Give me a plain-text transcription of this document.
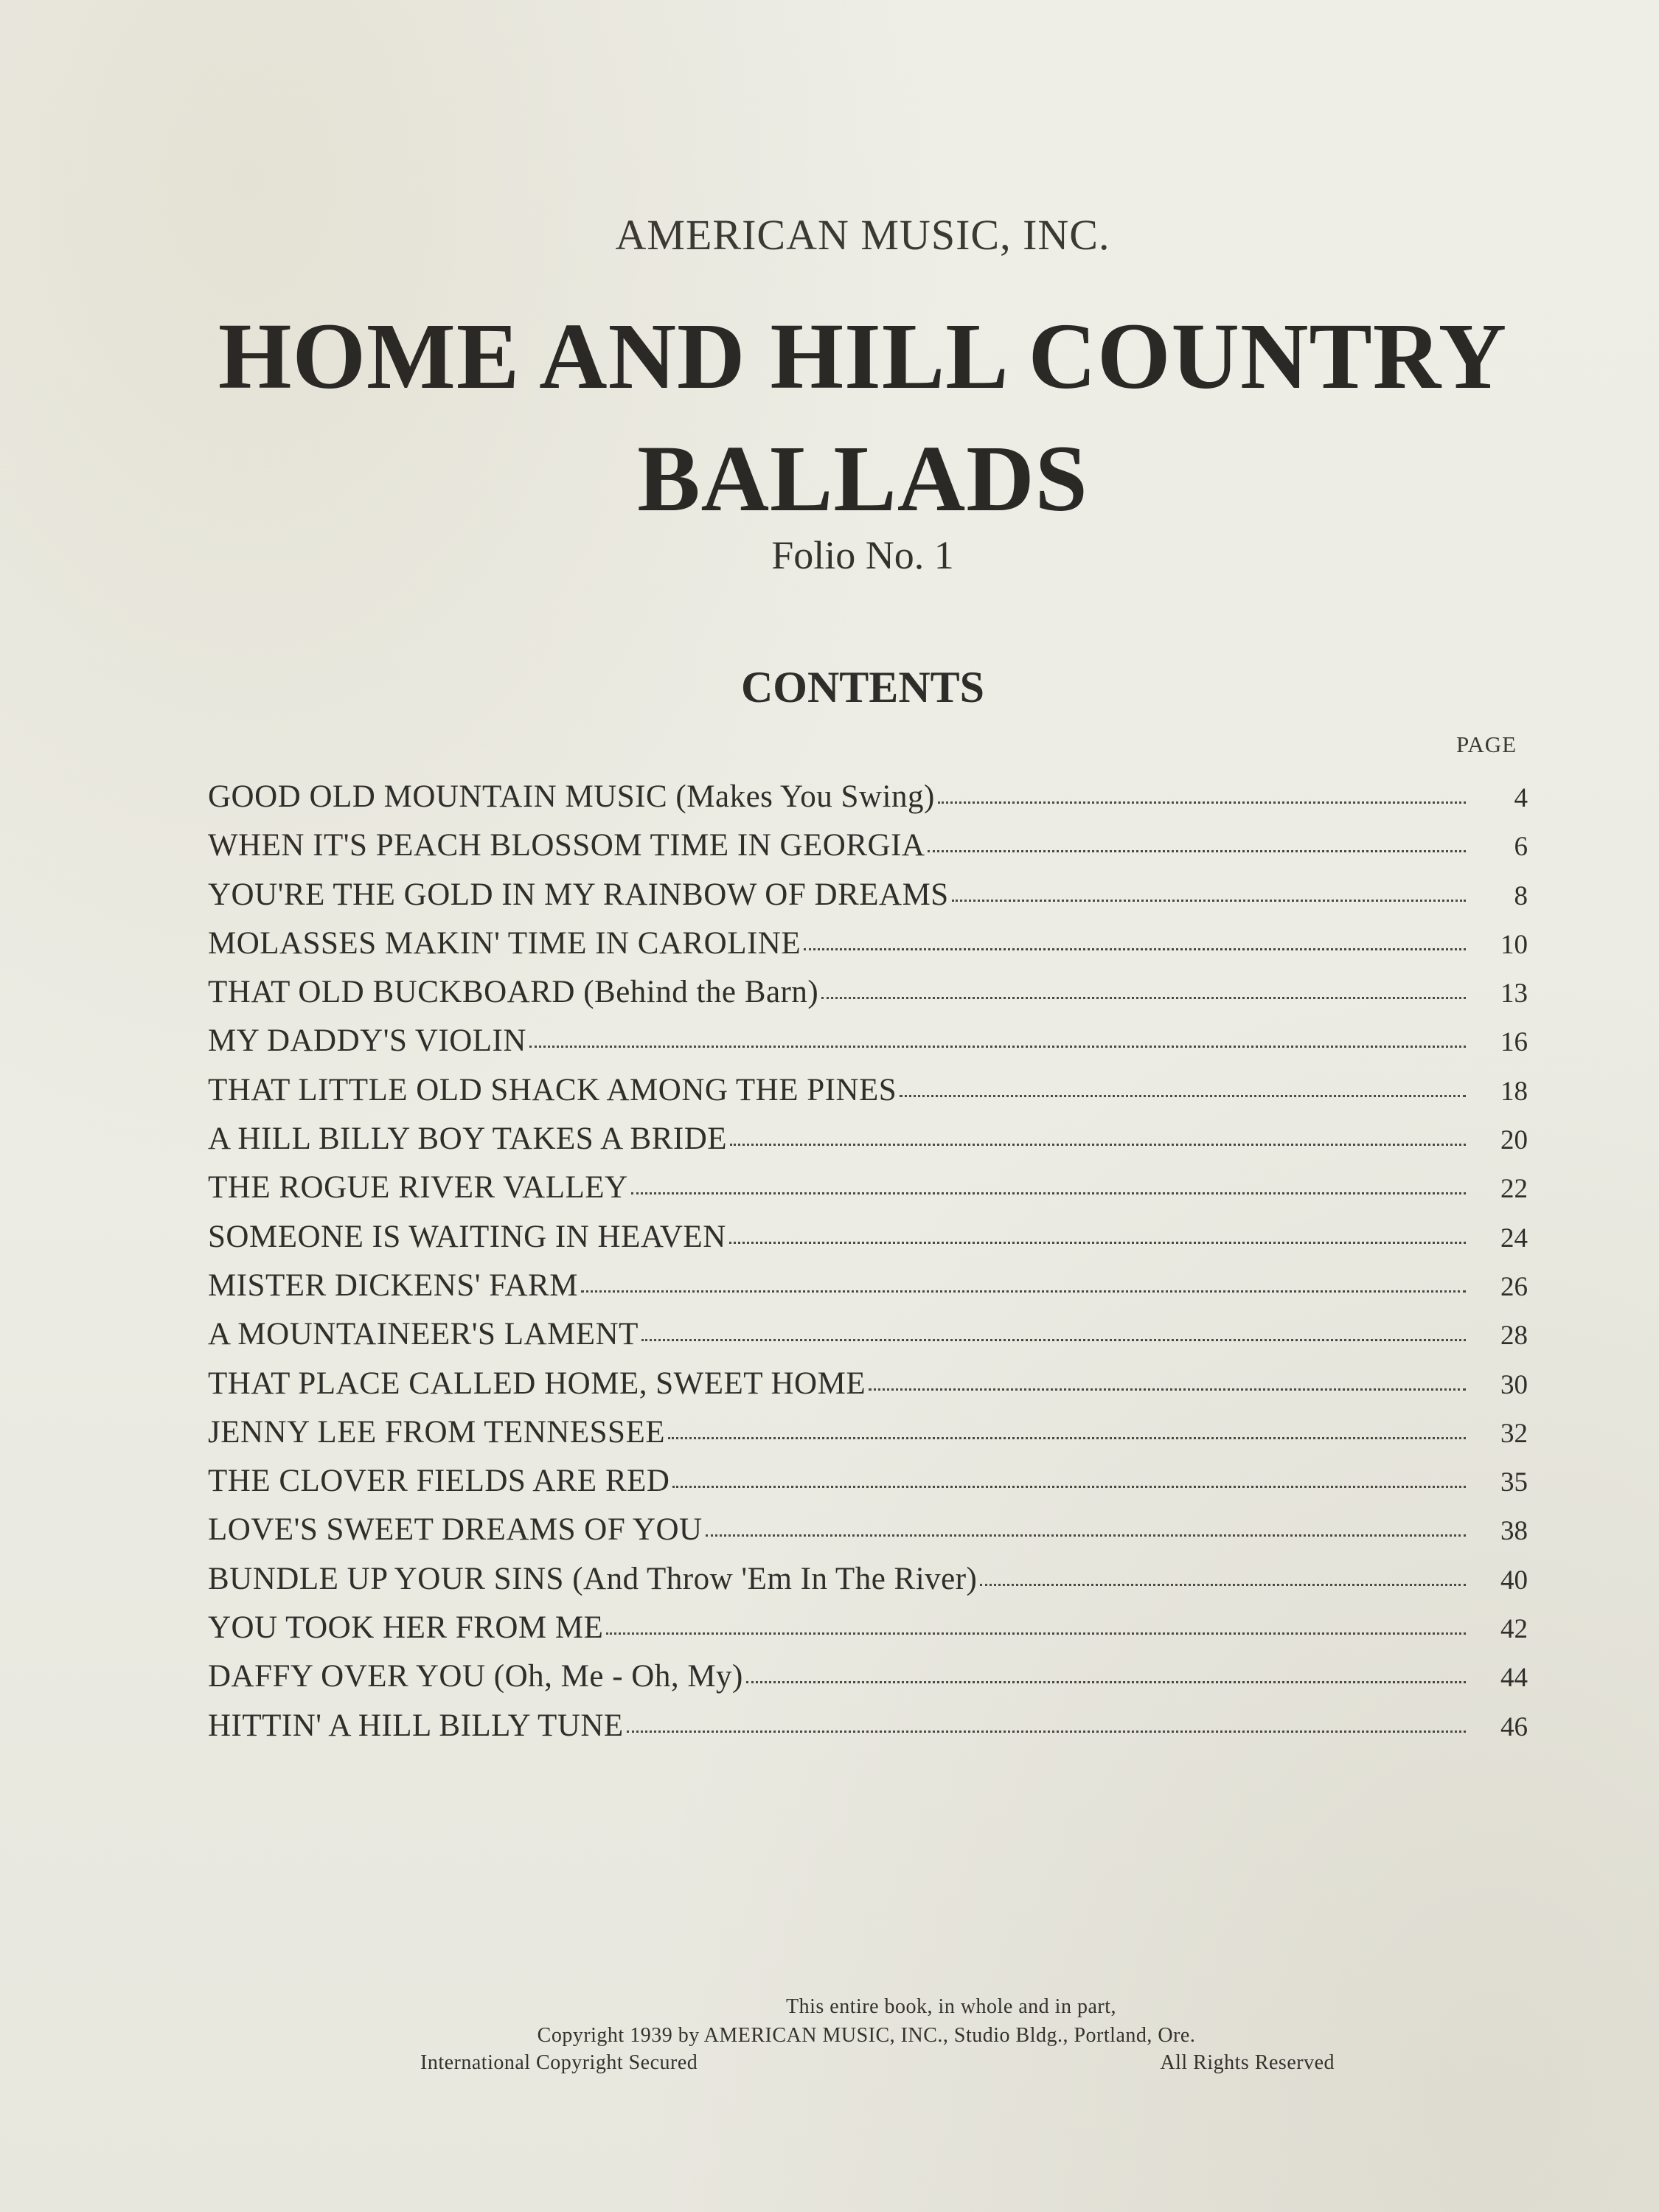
AMERICAN MUSIC, INC.
HOME AND HILL COUNTRY
BALLADS
Folio No. 1
CONTENTS
PAGE
GOOD OLD MOUNTAIN MUSIC (Makes You Swing)	4
WHEN IT'S PEACH BLOSSOM TIME IN GEORGIA	6
YOU'RE THE GOLD IN MY RAINBOW OF DREAMS	8
MOLASSES MAKIN' TIME IN CAROLINE	10
THAT OLD BUCKBOARD (Behind the Barn)	13
MY DADDY'S VIOLIN	16
THAT LITTLE OLD SHACK AMONG THE PINES	18
A HILL BILLY BOY TAKES A BRIDE	20
THE ROGUE RIVER VALLEY	22
SOMEONE IS WAITING IN HEAVEN	24
MISTER DICKENS' FARM	26
A MOUNTAINEER'S LAMENT	28
THAT PLACE CALLED HOME, SWEET HOME	30
JENNY LEE FROM TENNESSEE	32
THE CLOVER FIELDS ARE RED	35
LOVE'S SWEET DREAMS OF YOU	38
BUNDLE UP YOUR SINS (And Throw 'Em In The River)	40
YOU TOOK HER FROM ME	42
DAFFY OVER YOU (Oh, Me - Oh, My)	44
HITTIN' A HILL BILLY TUNE	46
This entire book, in whole and in part,
Copyright 1939 by AMERICAN MUSIC, INC., Studio Bldg., Portland, Ore.
International Copyright Secured	All Rights Reserved
